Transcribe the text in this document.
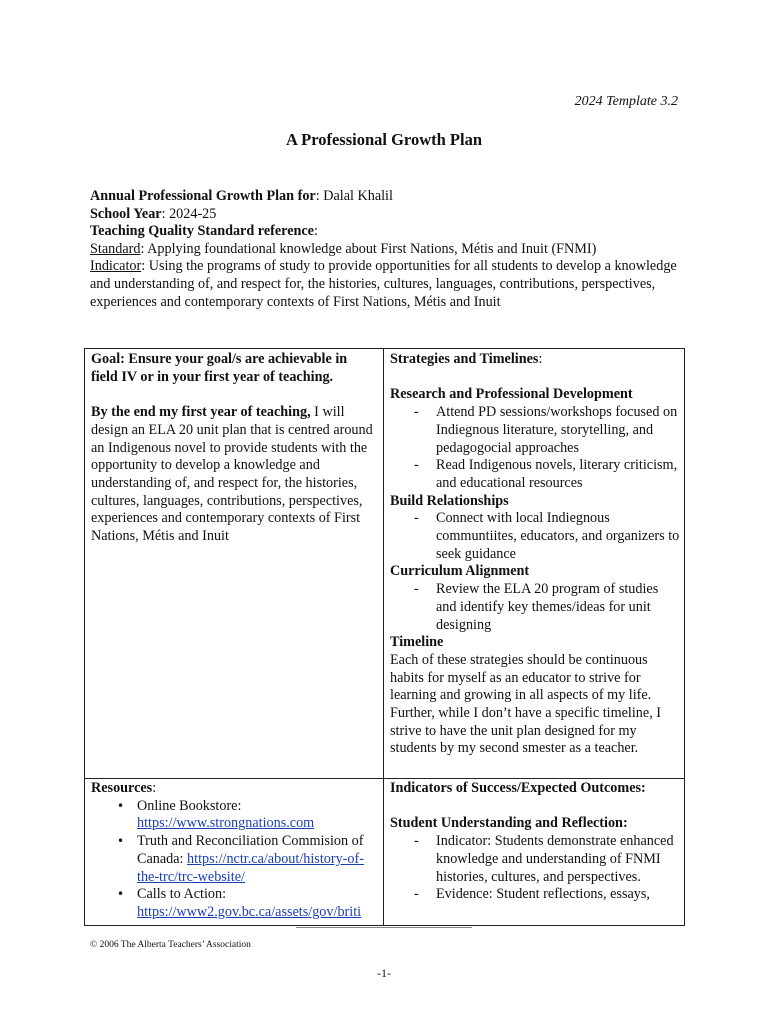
2024 Template 3.2
A Professional Growth Plan
Annual Professional Growth Plan for: Dalal Khalil
School Year: 2024-25
Teaching Quality Standard reference:
Standard: Applying foundational knowledge about First Nations, Métis and Inuit (FNMI)
Indicator: Using the programs of study to provide opportunities for all students to develop a knowledge and understanding of, and respect for, the histories, cultures, languages, contributions, perspectives, experiences and contemporary contexts of First Nations, Métis and Inuit

Goal: Ensure your goal/s are achievable in field IV or in your first year of teaching.

By the end my first year of teaching, I will design an ELA 20 unit plan that is centred around an Indigenous novel to provide students with the opportunity to develop a knowledge and understanding of, and respect for, the histories, cultures, languages, contributions, perspectives, experiences and contemporary contexts of First Nations, Métis and Inuit

Strategies and Timelines:

Research and Professional Development

- Attend PD sessions/workshops focused on Indiegnous literature, storytelling, and pedagogocial approaches
- Read Indigenous novels, literary criticism, and educational resources

Build Relationships

- Connect with local Indiegnous communtiites, educators, and organizers to seek guidance

Curriculum Alignment

- Review the ELA 20 program of studies and identify key themes/ideas for unit designing

Timeline

Each of these strategies should be continuous habits for myself as an educator to strive for learning and growing in all aspects of my life. Further, while I don’t have a specific timeline, I strive to have the unit plan designed for my students by my second smester as a teacher.

Resources:

• Online Bookstore:
https://www.strongnations.com
• Truth and Reconciliation Commision of Canada: https://nctr.ca/about/history-of-the-trc/trc-website/
• Calls to Action:
https://www2.gov.bc.ca/assets/gov/briti

Indicators of Success/Expected Outcomes:

Student Understanding and Reflection:

- Indicator: Students demonstrate enhanced knowledge and understanding of FNMI histories, cultures, and perspectives.
- Evidence: Student reflections, essays,
© 2006 The Alberta Teachers’ Association
-1-
